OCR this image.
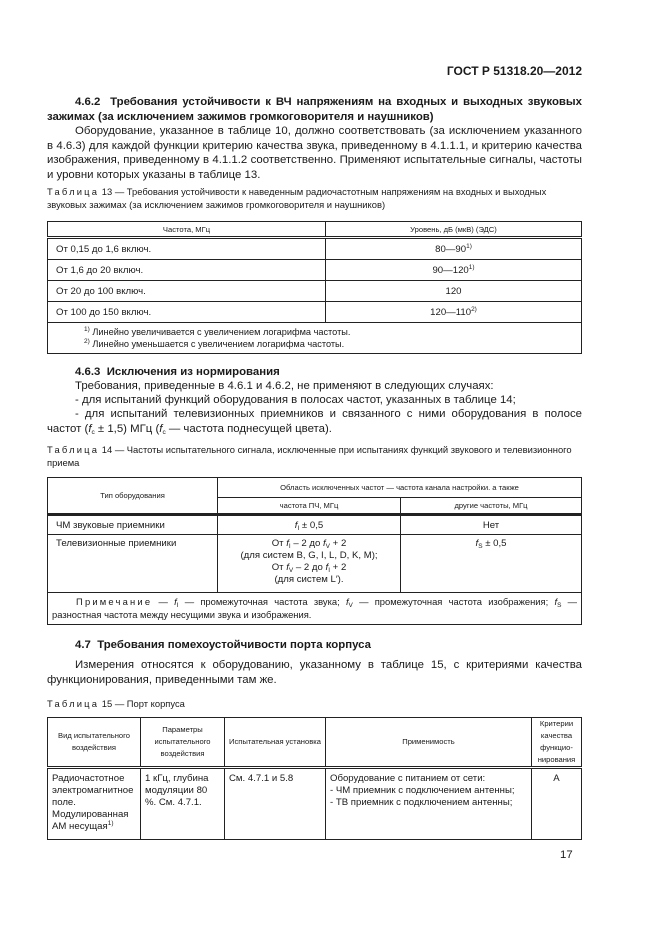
ГОСТ Р 51318.20—2012
4.6.2 Требования устойчивости к ВЧ напряжениям на входных и выходных звуковых зажимах (за исключением зажимов громкоговорителя и наушников)
Оборудование, указанное в таблице 10, должно соответствовать (за исключением указанного в 4.6.3) для каждой функции критерию качества звука, приведенному в 4.1.1.1, и критерию качества изображения, приведенному в 4.1.1.2 соответственно. Применяют испытательные сигналы, частоты и уровни которых указаны в таблице 13.
Таблица 13 — Требования устойчивости к наведенным радиочастотным напряжениям на входных и выходных звуковых зажимах (за исключением зажимов громкоговорителя и наушников)
Частота, МГц	Уровень, дБ (мкВ) (ЭДС)
От 0,15 до 1,6 включ.	80—90$^{1)}$
От 1,6 до 20 включ.	90—120$^{1)}$
От 20 до 100 включ.	120
От 100 до 150 включ.	120—110$^{2)}$

$^{1)}$ Линейно увеличивается с увеличением логарифма частоты.
$^{2)}$ Линейно уменьшается с увеличением логарифма частоты.	
4.6.3 Исключения из нормирования
Требования, приведенные в 4.6.1 и 4.6.2, не применяют в следующих случаях:
- для испытаний функций оборудования в полосах частот, указанных в таблице 14;
- для испытаний телевизионных приемников и связанного с ними оборудования в полосе частот $(f_c \pm 1,5)$ МГц ($f_c$ — частота поднесущей цвета).
Таблица 14 — Частоты испытательного сигнала, исключенные при испытаниях функций звукового и телевизионного приема
Тип оборудования	Область исключенных частот — частота канала настройки. а также	
	частота ПЧ, МГц	другие частоты, МГц
ЧМ звуковые приемники	$f_I \pm 0,5$	Нет
Телевизионные приемники	От $f_I - 2$ до $f_V + 2$
(для систем B, G, I, L, D, K, M);
От $f_V - 2$ до $f_I + 2$
(для систем L′).	$f_S \pm 0,5$
Примечание — $f_I$ — промежуточная частота звука; $f_V$ — промежуточная частота изображения; $f_S$ — разностная частота между несущими звука и изображения.		
4.7 Требования помехоустойчивости порта корпуса
Измерения относятся к оборудованию, указанному в таблице 15, с критериями качества функционирования, приведенными там же.
Таблица 15 — Порт корпуса
Вид испытательного воздействия	Параметры испытательного воздействия	Испытательная установка	Применимость	Критерии качества функцио-нирования
Радиочастотное электромагнитное поле. Модулированная АМ несущая$^{1)}$	1 кГц, глубина модуляции 80 %. См. 4.7.1.	См. 4.7.1 и 5.8	Оборудование с питанием от сети:
- ЧМ приемник с подключением антенны;
- ТВ приемник с подключением антенны;	А
17
